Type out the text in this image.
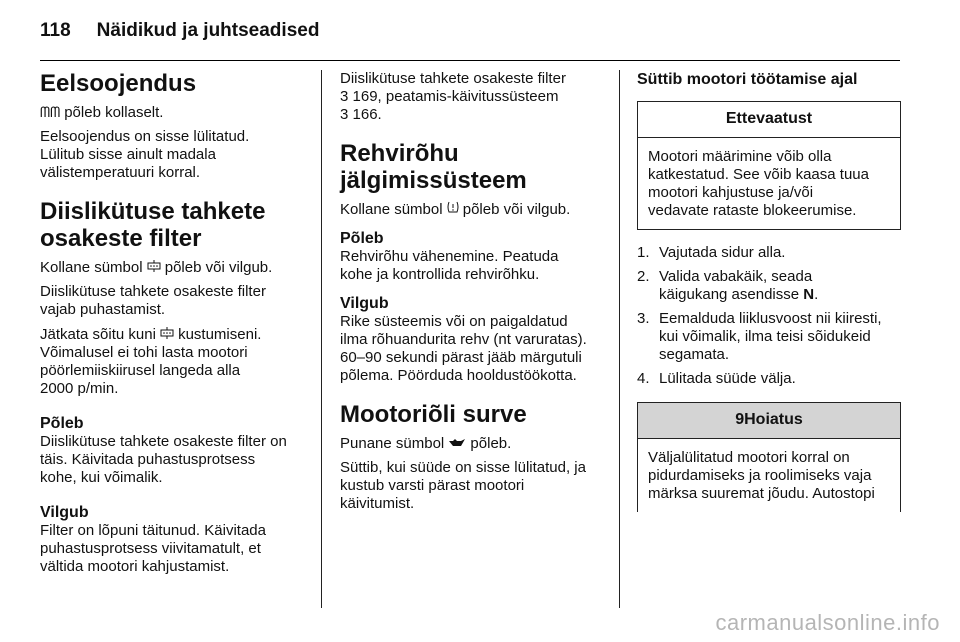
118 Näidikud ja juhtseadised
Eelsoojendus

ᗰᗰ põleb kollaselt.

Eelsoojendus on sisse lülitatud.
Lülitub sisse ainult madala
välistemperatuuri korral.

Diislikütuse tahkete
osakeste filter

Kollane sümbol põleb või vilgub.

Diislikütuse tahkete osakeste filter
vajab puhastamist.

Jätkata sõitu kuni kustumiseni.
Võimalusel ei tohi lasta mootori
pöörlemiiskiirusel langeda alla
2000 p/min.

Põleb

Diislikütuse tahkete osakeste filter on
täis. Käivitada puhastusprotsess
kohe, kui võimalik.

Vilgub

Filter on lõpuni täitunud. Käivitada
puhastusprotsess viivitamatult, et
vältida mootori kahjustamist.

Diislikütuse tahkete osakeste filter
3 169, peatamis-käivitussüsteem
3 166.

Rehvirõhu
jälgimissüsteem

Kollane sümbol põleb või vilgub.

Põleb

Rehvirõhu vähenemine. Peatuda
kohe ja kontrollida rehvirõhku.

Vilgub

Rike süsteemis või on paigaldatud
ilma rõhuandurita rehv (nt varuratas).
60–90 sekundi pärast jääb märgutuli
põlema. Pöörduda hooldustöökotta.

Mootoriõli surve

Punane sümbol põleb.

Süttib, kui süüde on sisse lülitatud, ja
kustub varsti pärast mootori
käivitumist.

Süttib mootori töötamise ajal
Ettevaatust
Mootori määrimine võib olla
katkestatud. See võib kaasa tuua
mootori kahjustuse ja/või
vedavate rataste blokeerumise.
1. Vajutada sidur alla.
2. Valida vabakäik, seada
käigukang asendisse N.
3. Eemalduda liiklusvoost nii kiiresti,
kui võimalik, ilma teisi sõidukeid
segamata.
4. Lülitada süüde välja.
9Hoiatus
Väljalülitatud mootori korral on
pidurdamiseks ja roolimiseks vaja
märksa suuremat jõudu. Autostopi
carmanualsonline.info
